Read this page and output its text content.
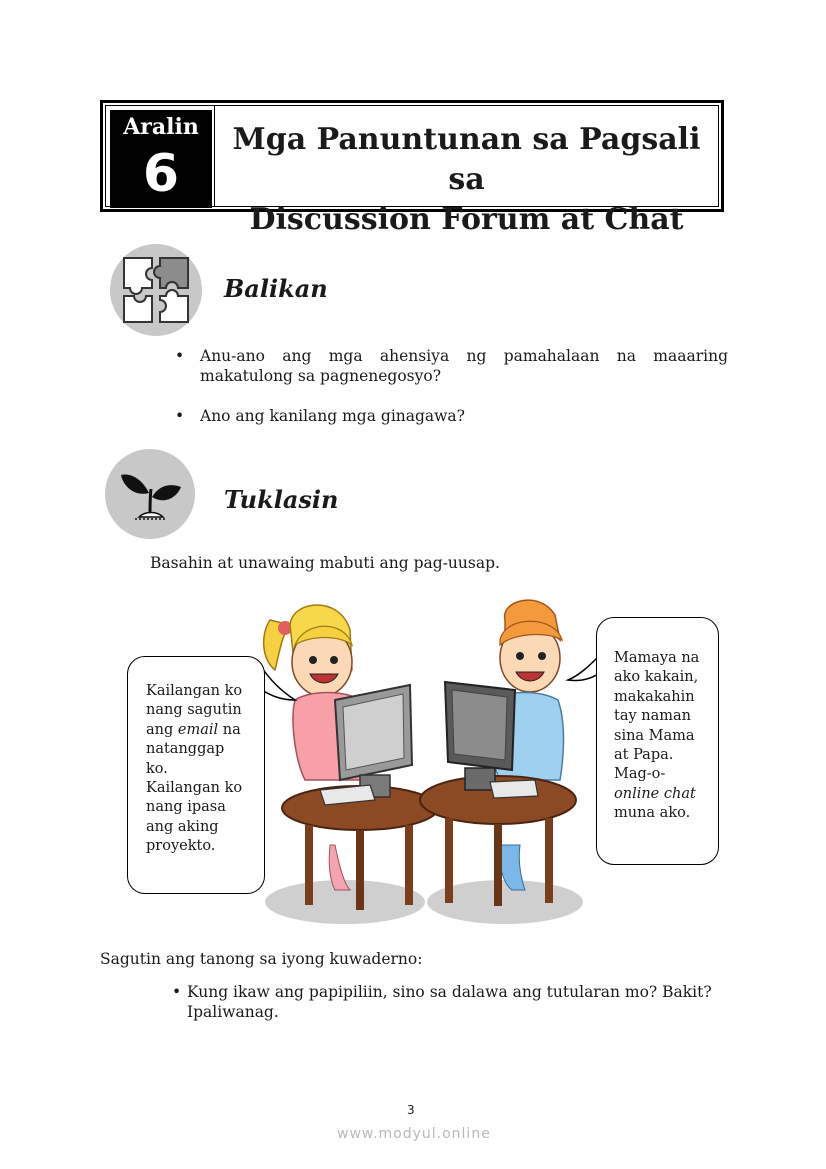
Aralin
6
Mga Panuntunan sa Pagsali sa
Discussion Forum at Chat
Balikan
• Anu-ano ang mga ahensiya ng pamahalaan na maaaring makatulong sa pagnenegosyo?
• Ano ang kanilang mga ginagawa?
Tuklasin
Basahin at unawaing mabuti ang pag-uusap.
Kailangan ko
nang sagutin
ang email na
natanggap
ko.
Kailangan ko
nang ipasa
ang aking
proyekto.
Mamaya na
ako kakain,
makakahin
tay naman
sina Mama
at Papa.
Mag-o-
online chat
muna ako.
Sagutin ang tanong sa iyong kuwaderno:
• Kung ikaw ang papipiliin, sino sa dalawa ang tutularan mo? Bakit?
Ipaliwanag.
3
www.modyul.online
